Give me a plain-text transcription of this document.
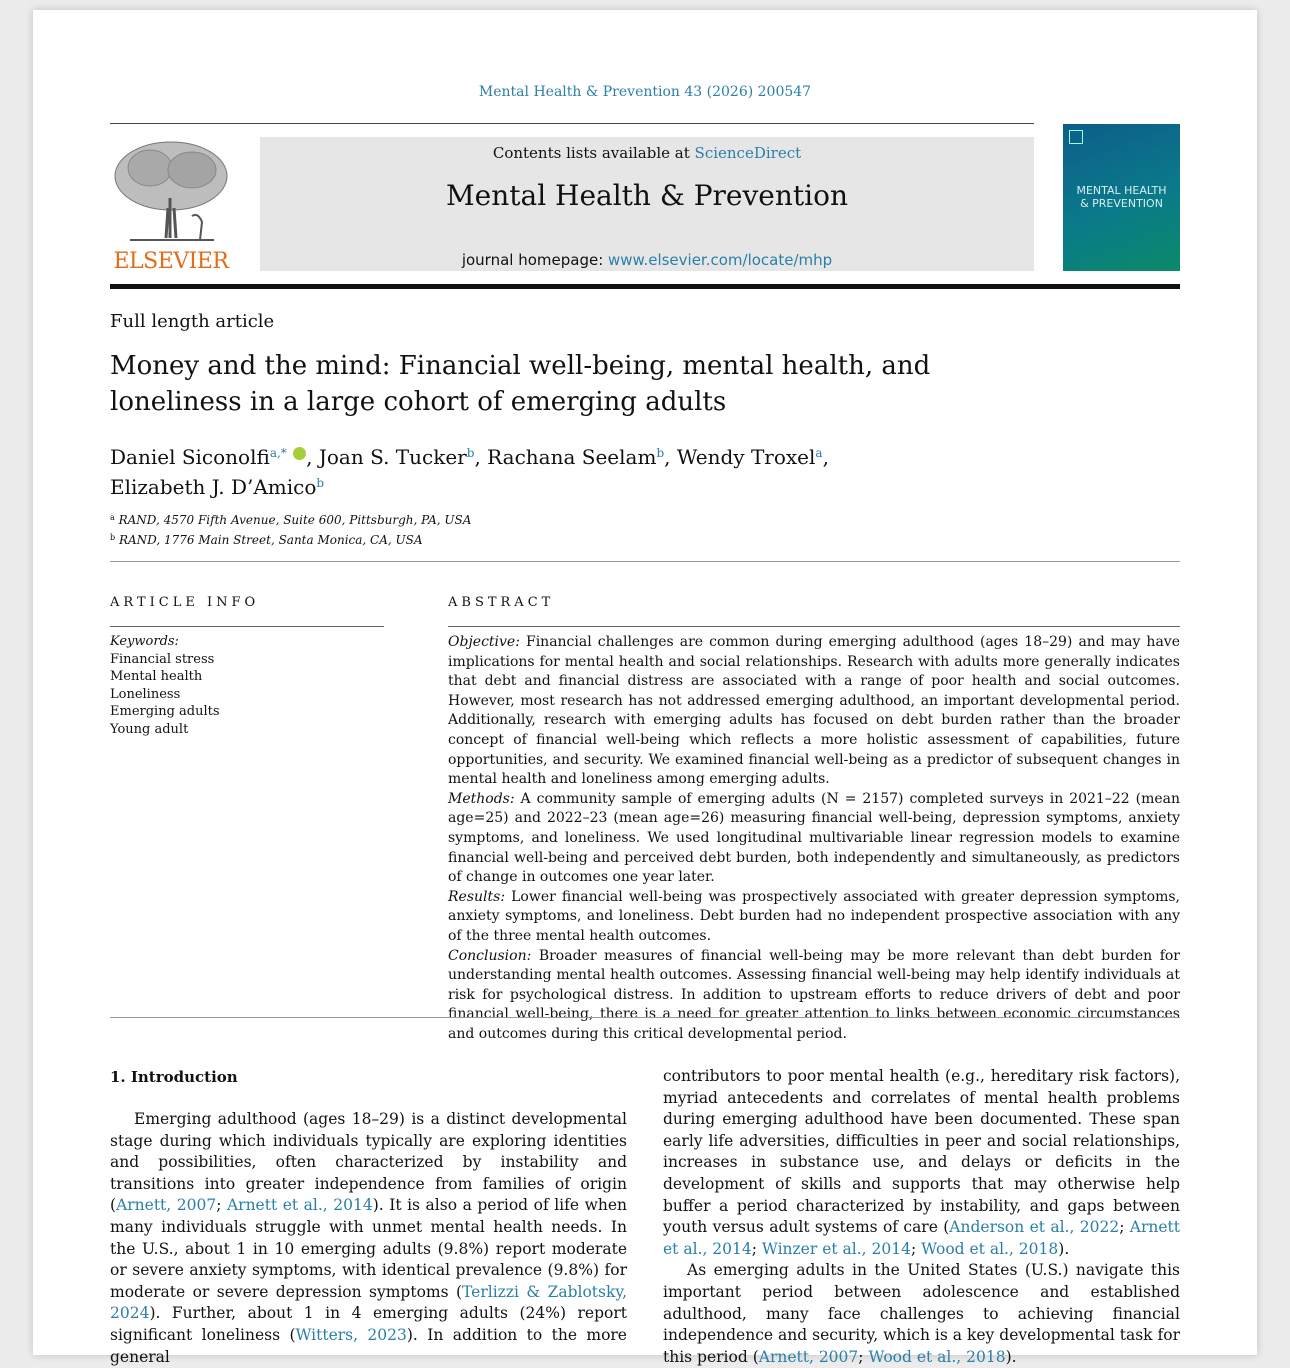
Mental Health & Prevention 43 (2026) 200547
ELSEVIER
Contents lists available at ScienceDirect
Mental Health & Prevention
journal homepage: www.elsevier.com/locate/mhp
MENTAL HEALTH
& PREVENTION
Full length article
Money and the mind: Financial well-being, mental health, and loneliness in a large cohort of emerging adults
Daniel Siconolfi$^{a,*}$ , Joan S. Tucker$^b$, Rachana Seelam$^b$, Wendy Troxel$^a$,
Elizabeth J. D’Amico$^b$
$^a$ RAND, 4570 Fifth Avenue, Suite 600, Pittsburgh, PA, USA
$^b$ RAND, 1776 Main Street, Santa Monica, CA, USA
ARTICLE INFO	ABSTRACT
Keywords:
Financial stress
Mental health
Loneliness
Emerging adults
Young adult

Objective: Financial challenges are common during emerging adulthood (ages 18–29) and may have implications for mental health and social relationships. Research with adults more generally indicates that debt and financial distress are associated with a range of poor health and social outcomes. However, most research has not addressed emerging adulthood, an important developmental period. Additionally, research with emerging adults has focused on debt burden rather than the broader concept of financial well-being which reflects a more holistic assessment of capabilities, future opportunities, and security. We examined financial well-being as a predictor of subsequent changes in mental health and loneliness among emerging adults.

Methods: A community sample of emerging adults (N = 2157) completed surveys in 2021–22 (mean age=25) and 2022–23 (mean age=26) measuring financial well-being, depression symptoms, anxiety symptoms, and loneliness. We used longitudinal multivariable linear regression models to examine financial well-being and perceived debt burden, both independently and simultaneously, as predictors of change in outcomes one year later.

Results: Lower financial well-being was prospectively associated with greater depression symptoms, anxiety symptoms, and loneliness. Debt burden had no independent prospective association with any of the three mental health outcomes.

Conclusion: Broader measures of financial well-being may be more relevant than debt burden for understanding mental health outcomes. Assessing financial well-being may help identify individuals at risk for psychological distress. In addition to upstream efforts to reduce drivers of debt and poor financial well-being, there is a need for greater attention to links between economic circumstances and outcomes during this critical developmental period.

1. Introduction

Emerging adulthood (ages 18–29) is a distinct developmental stage during which individuals typically are exploring identities and possibilities, often characterized by instability and transitions into greater independence from families of origin (Arnett, 2007; Arnett et al., 2014). It is also a period of life when many individuals struggle with unmet mental health needs. In the U.S., about 1 in 10 emerging adults (9.8%) report moderate or severe anxiety symptoms, with identical prevalence (9.8%) for moderate or severe depression symptoms (Terlizzi & Zablotsky, 2024). Further, about 1 in 4 emerging adults (24%) report significant loneliness (Witters, 2023). In addition to the more general

contributors to poor mental health (e.g., hereditary risk factors), myriad antecedents and correlates of mental health problems during emerging adulthood have been documented. These span early life adversities, difficulties in peer and social relationships, increases in substance use, and delays or deficits in the development of skills and supports that may otherwise help buffer a period characterized by instability, and gaps between youth versus adult systems of care (Anderson et al., 2022; Arnett et al., 2014; Winzer et al., 2014; Wood et al., 2018).

As emerging adults in the United States (U.S.) navigate this important period between adolescence and established adulthood, many face challenges to achieving financial independence and security, which is a key developmental task for this period (Arnett, 2007; Wood et al., 2018).
